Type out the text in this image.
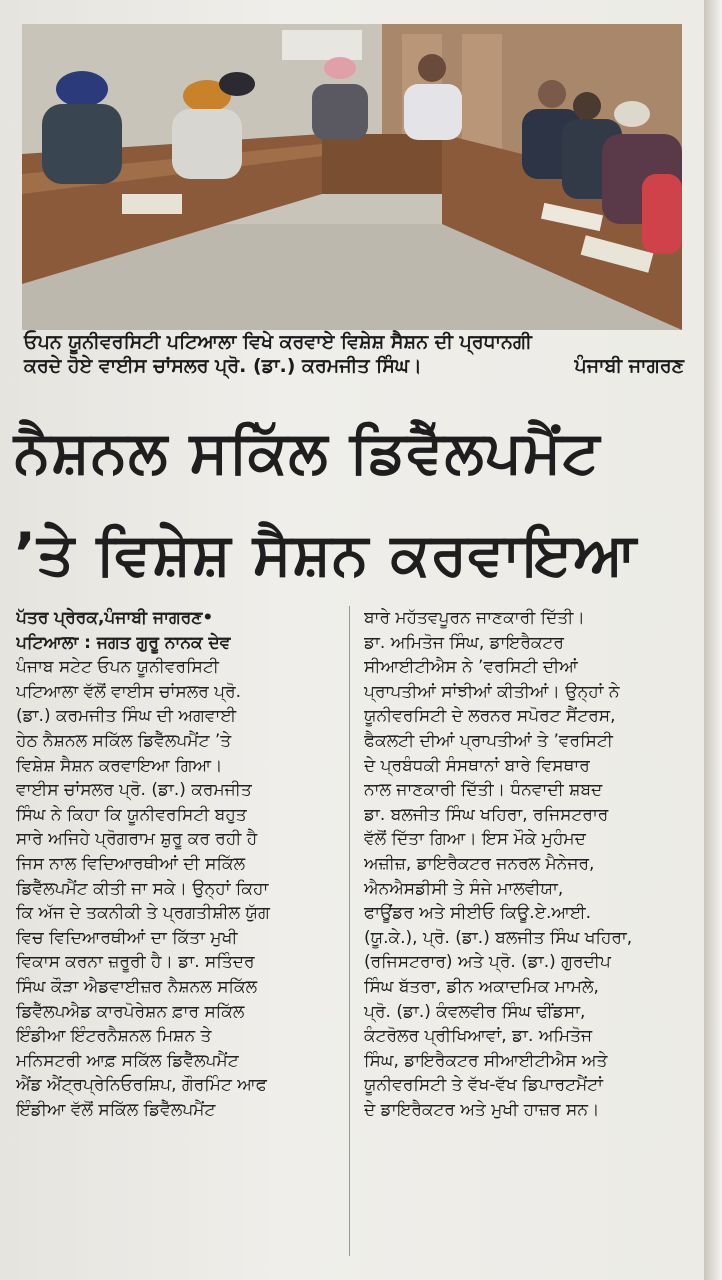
ਓਪਨ ਯੂਨੀਵਰਸਿਟੀ ਪਟਿਆਲਾ ਵਿਖੇ ਕਰਵਾਏ ਵਿਸ਼ੇਸ਼ ਸੈਸ਼ਨ ਦੀ ਪ੍ਰਧਾਨਗੀ
ਕਰਦੇ ਹੋਏ ਵਾਈਸ ਚਾਂਸਲਰ ਪ੍ਰੋ. (ਡਾ.) ਕਰਮਜੀਤ ਸਿੰਘ।	ਪੰਜਾਬੀ ਜਾਗਰਣ
ਨੈਸ਼ਨਲ ਸਕਿੱਲ ਡਿਵੈੱਲਪਮੈਂਟ
’ਤੇ ਵਿਸ਼ੇਸ਼ ਸੈਸ਼ਨ ਕਰਵਾਇਆ

ਪੱਤਰ ਪ੍ਰੇਰਕ,ਪੰਜਾਬੀ ਜਾਗਰਣ•

ਪਟਿਆਲਾ : ਜਗਤ ਗੁਰੂ ਨਾਨਕ ਦੇਵ

ਪੰਜਾਬ ਸਟੇਟ ਓਪਨ ਯੂਨੀਵਰਸਿਟੀ

ਪਟਿਆਲਾ ਵੱਲੋਂ ਵਾਈਸ ਚਾਂਸਲਰ ਪ੍ਰੋ.

(ਡਾ.) ਕਰਮਜੀਤ ਸਿੰਘ ਦੀ ਅਗਵਾਈ

ਹੇਠ ਨੈਸ਼ਨਲ ਸਕਿੱਲ ਡਿਵੈੱਲਪਮੈਂਟ ’ਤੇ

ਵਿਸ਼ੇਸ਼ ਸੈਸ਼ਨ ਕਰਵਾਇਆ ਗਿਆ।

ਵਾਈਸ ਚਾਂਸਲਰ ਪ੍ਰੋ. (ਡਾ.) ਕਰਮਜੀਤ

ਸਿੰਘ ਨੇ ਕਿਹਾ ਕਿ ਯੂਨੀਵਰਸਿਟੀ ਬਹੁਤ

ਸਾਰੇ ਅਜਿਹੇ ਪ੍ਰੋਗਰਾਮ ਸ਼ੁਰੂ ਕਰ ਰਹੀ ਹੈ

ਜਿਸ ਨਾਲ ਵਿਦਿਆਰਥੀਆਂ ਦੀ ਸਕਿੱਲ

ਡਿਵੈੱਲਪਮੈਂਟ ਕੀਤੀ ਜਾ ਸਕੇ। ਉਨ੍ਹਾਂ ਕਿਹਾ

ਕਿ ਅੱਜ ਦੇ ਤਕਨੀਕੀ ਤੇ ਪ੍ਰਗਤੀਸ਼ੀਲ ਯੁੱਗ

ਵਿਚ ਵਿਦਿਆਰਥੀਆਂ ਦਾ ਕਿੱਤਾ ਮੁਖੀ

ਵਿਕਾਸ ਕਰਨਾ ਜ਼ਰੂਰੀ ਹੈ। ਡਾ. ਸਤਿੰਦਰ

ਸਿੰਘ ਕੌੜਾ ਐਡਵਾਈਜ਼ਰ ਨੈਸ਼ਨਲ ਸਕਿੱਲ

ਡਿਵੈੱਲਪਐਡ ਕਾਰਪੋਰੇਸ਼ਨ ਫ਼ਾਰ ਸਕਿੱਲ

ਇੰਡੀਆ ਇੰਟਰਨੈਸ਼ਨਲ ਮਿਸ਼ਨ ਤੇ

ਮਨਿਸਟਰੀ ਆਫ਼ ਸਕਿੱਲ ਡਿਵੈੱਲਪਮੈਂਟ

ਐਂਡ ਐਂਟ੍ਰਪ੍ਰੇਨਿਓਰਸ਼ਿਪ, ਗੌਰਮਿੰਟ ਆਫ

ਇੰਡੀਆ ਵੱਲੋਂ ਸਕਿੱਲ ਡਿਵੈੱਲਪਮੈਂਟ

ਬਾਰੇ ਮਹੱਤਵਪੂਰਨ ਜਾਣਕਾਰੀ ਦਿੱਤੀ।

ਡਾ. ਅਮਿਤੋਜ ਸਿੰਘ, ਡਾਇਰੈਕਟਰ

ਸੀਆਈਟੀਐਸ ਨੇ ’ਵਰਸਿਟੀ ਦੀਆਂ

ਪ੍ਰਾਪਤੀਆਂ ਸਾਂਝੀਆਂ ਕੀਤੀਆਂ। ਉਨ੍ਹਾਂ ਨੇ

ਯੂਨੀਵਰਸਿਟੀ ਦੇ ਲਰਨਰ ਸਪੋਰਟ ਸੈਂਟਰਸ,

ਫੈਕਲਟੀ ਦੀਆਂ ਪ੍ਰਾਪਤੀਆਂ ਤੇ ’ਵਰਸਿਟੀ

ਦੇ ਪ੍ਰਬੰਧਕੀ ਸੰਸਥਾਨਾਂ ਬਾਰੇ ਵਿਸਥਾਰ

ਨਾਲ ਜਾਣਕਾਰੀ ਦਿੱਤੀ। ਧੰਨਵਾਦੀ ਸ਼ਬਦ

ਡਾ. ਬਲਜੀਤ ਸਿੰਘ ਖਹਿਰਾ, ਰਜਿਸਟਰਾਰ

ਵੱਲੋਂ ਦਿੱਤਾ ਗਿਆ। ਇਸ ਮੌਕੇ ਮੁਹੰਮਦ

ਅਜ਼ੀਜ਼, ਡਾਇਰੈਕਟਰ ਜਨਰਲ ਮੈਨੇਜਰ,

ਐਨਐਸਡੀਸੀ ਤੇ ਸੰਜੇ ਮਾਲਵੀਯਾ,

ਫਾਊਂਡਰ ਅਤੇ ਸੀਈਓ ਕਿਊ.ਏ.ਆਈ.

(ਯੂ.ਕੇ.), ਪ੍ਰੋ. (ਡਾ.) ਬਲਜੀਤ ਸਿੰਘ ਖਹਿਰਾ,

(ਰਜਿਸਟਰਾਰ) ਅਤੇ ਪ੍ਰੋ. (ਡਾ.) ਗੁਰਦੀਪ

ਸਿੰਘ ਬੱਤਰਾ, ਡੀਨ ਅਕਾਦਮਿਕ ਮਾਮਲੇ,

ਪ੍ਰੋ. (ਡਾ.) ਕੰਵਲਵੀਰ ਸਿੰਘ ਢੀਂਡਸਾ,

ਕੰਟਰੋਲਰ ਪ੍ਰੀਖਿਆਵਾਂ, ਡਾ. ਅਮਿਤੋਜ

ਸਿੰਘ, ਡਾਇਰੈਕਟਰ ਸੀਆਈਟੀਐਸ ਅਤੇ

ਯੂਨੀਵਰਸਿਟੀ ਤੇ ਵੱਖ-ਵੱਖ ਡਿਪਾਰਟਮੈਂਟਾਂ

ਦੇ ਡਾਇਰੈਕਟਰ ਅਤੇ ਮੁਖੀ ਹਾਜ਼ਰ ਸਨ।
